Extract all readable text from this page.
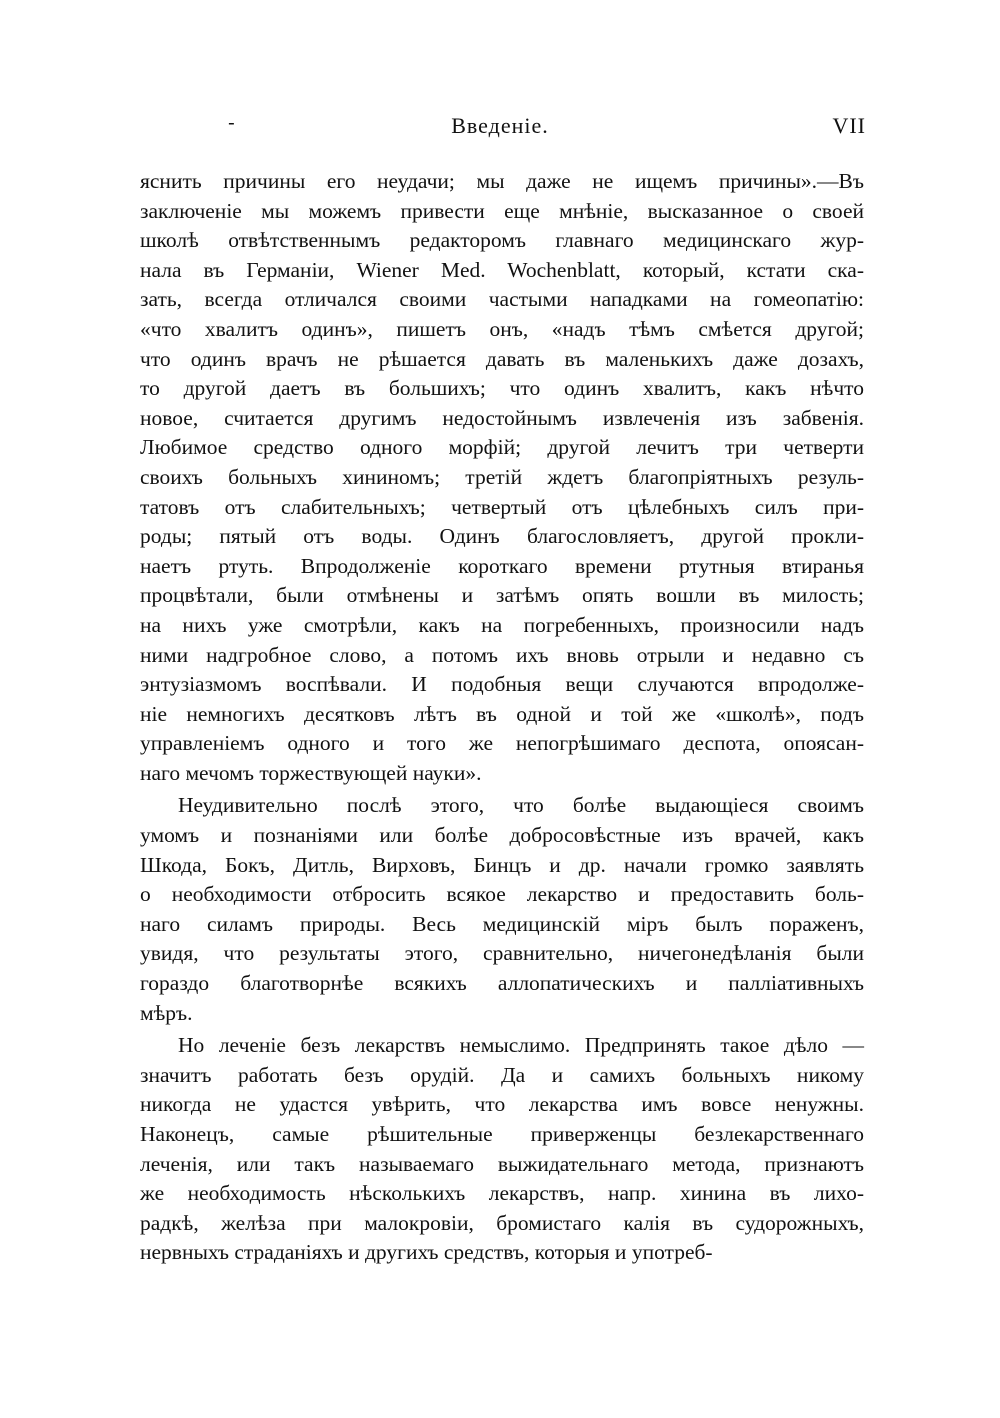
-	Введеніе.	VII
яснить причины его неудачи; мы даже не ищемъ причины».—Въ
заключеніе мы можемъ привести еще мнѣніе, высказанное о своей
школѣ отвѣтственнымъ редакторомъ главнаго медицинскаго жур-
нала въ Германіи, Wiener Med. Wochenblatt, который, кстати ска-
зать, всегда отличался своими частыми нападками на гомеопатію:
«что хвалитъ одинъ», пишетъ онъ, «надъ тѣмъ смѣется другой;
что одинъ врачъ не рѣшается давать въ маленькихъ даже дозахъ,
то другой даетъ въ большихъ; что одинъ хвалитъ, какъ нѣчто
новое, считается другимъ недостойнымъ извлеченія изъ забвенія.
Любимое средство одного морфій; другой лечитъ три четверти
своихъ больныхъ хининомъ; третій ждетъ благопріятныхъ резуль-
татовъ отъ слабительныхъ; четвертый отъ цѣлебныхъ силъ при-
роды; пятый отъ воды. Одинъ благословляетъ, другой прокли-
наетъ ртуть. Впродолженіе короткаго времени ртутныя втиранья
процвѣтали, были отмѣнены и затѣмъ опять вошли въ милость;
на нихъ уже смотрѣли, какъ на погребенныхъ, произносили надъ
ними надгробное слово, а потомъ ихъ вновь отрыли и недавно съ
энтузіазмомъ воспѣвали. И подобныя вещи случаются впродолже-
ніе немногихъ десятковъ лѣтъ въ одной и той же «школѣ», подъ
управленіемъ одного и того же непогрѣшимаго деспота, опоясан-
наго мечомъ торжествующей науки».
Неудивительно послѣ этого, что болѣе выдающіеся своимъ
умомъ и познаніями или болѣе добросовѣстные изъ врачей, какъ
Шкода, Бокъ, Дитль, Вирховъ, Бинцъ и др. начали громко заявлять
о необходимости отбросить всякое лекарство и предоставить боль-
наго силамъ природы. Весь медицинскій міръ былъ пораженъ,
увидя, что результаты этого, сравнительно, ничегонедѣланія были
гораздо благотворнѣе всякихъ аллопатическихъ и палліативныхъ
мѣръ.
Но леченіе безъ лекарствъ немыслимо. Предпринять такое дѣло —
значитъ работать безъ орудій. Да и самихъ больныхъ никому
никогда не удастся увѣрить, что лекарства имъ вовсе ненужны.
Наконецъ, самые рѣшительные приверженцы безлекарственнаго
леченія, или такъ называемаго выжидательнаго метода, признаютъ
же необходимость нѣсколькихъ лекарствъ, напр. хинина въ лихо-
радкѣ, желѣза при малокровіи, бромистаго калія въ судорожныхъ,
нервныхъ страданіяхъ и другихъ средствъ, которыя и употреб-
